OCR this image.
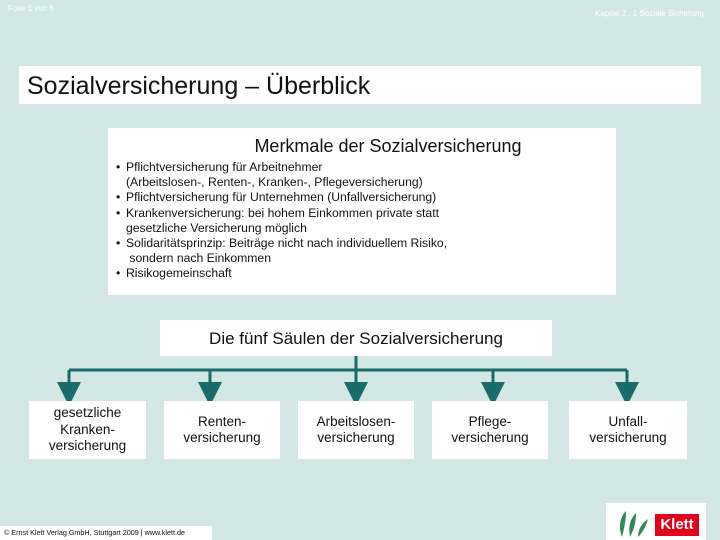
Folie 1 von 6
Kapitel 2 . 1 Soziale Sicherung
Sozialversicherung – Überblick
Merkmale der Sozialversicherung
• Pflichtversicherung für Arbeitnehmer
(Arbeitslosen-, Renten-, Kranken-, Pflegeversicherung)
• Pflichtversicherung für Unternehmen (Unfallversicherung)
• Krankenversicherung: bei hohem Einkommen private statt
gesetzliche Versicherung möglich
• Solidaritätsprinzip: Beiträge nicht nach individuellem Risiko,
sondern nach Einkommen
• Risikogemeinschaft
Die fünf Säulen der Sozialversicherung
gesetzliche
Kranken-
versicherung
Renten-
versicherung
Arbeitslosen-
versicherung
Pflege-
versicherung
Unfall-
versicherung
© Ernst Klett Verlag GmbH, Stuttgart 2009 | www.klett.de	Klett
